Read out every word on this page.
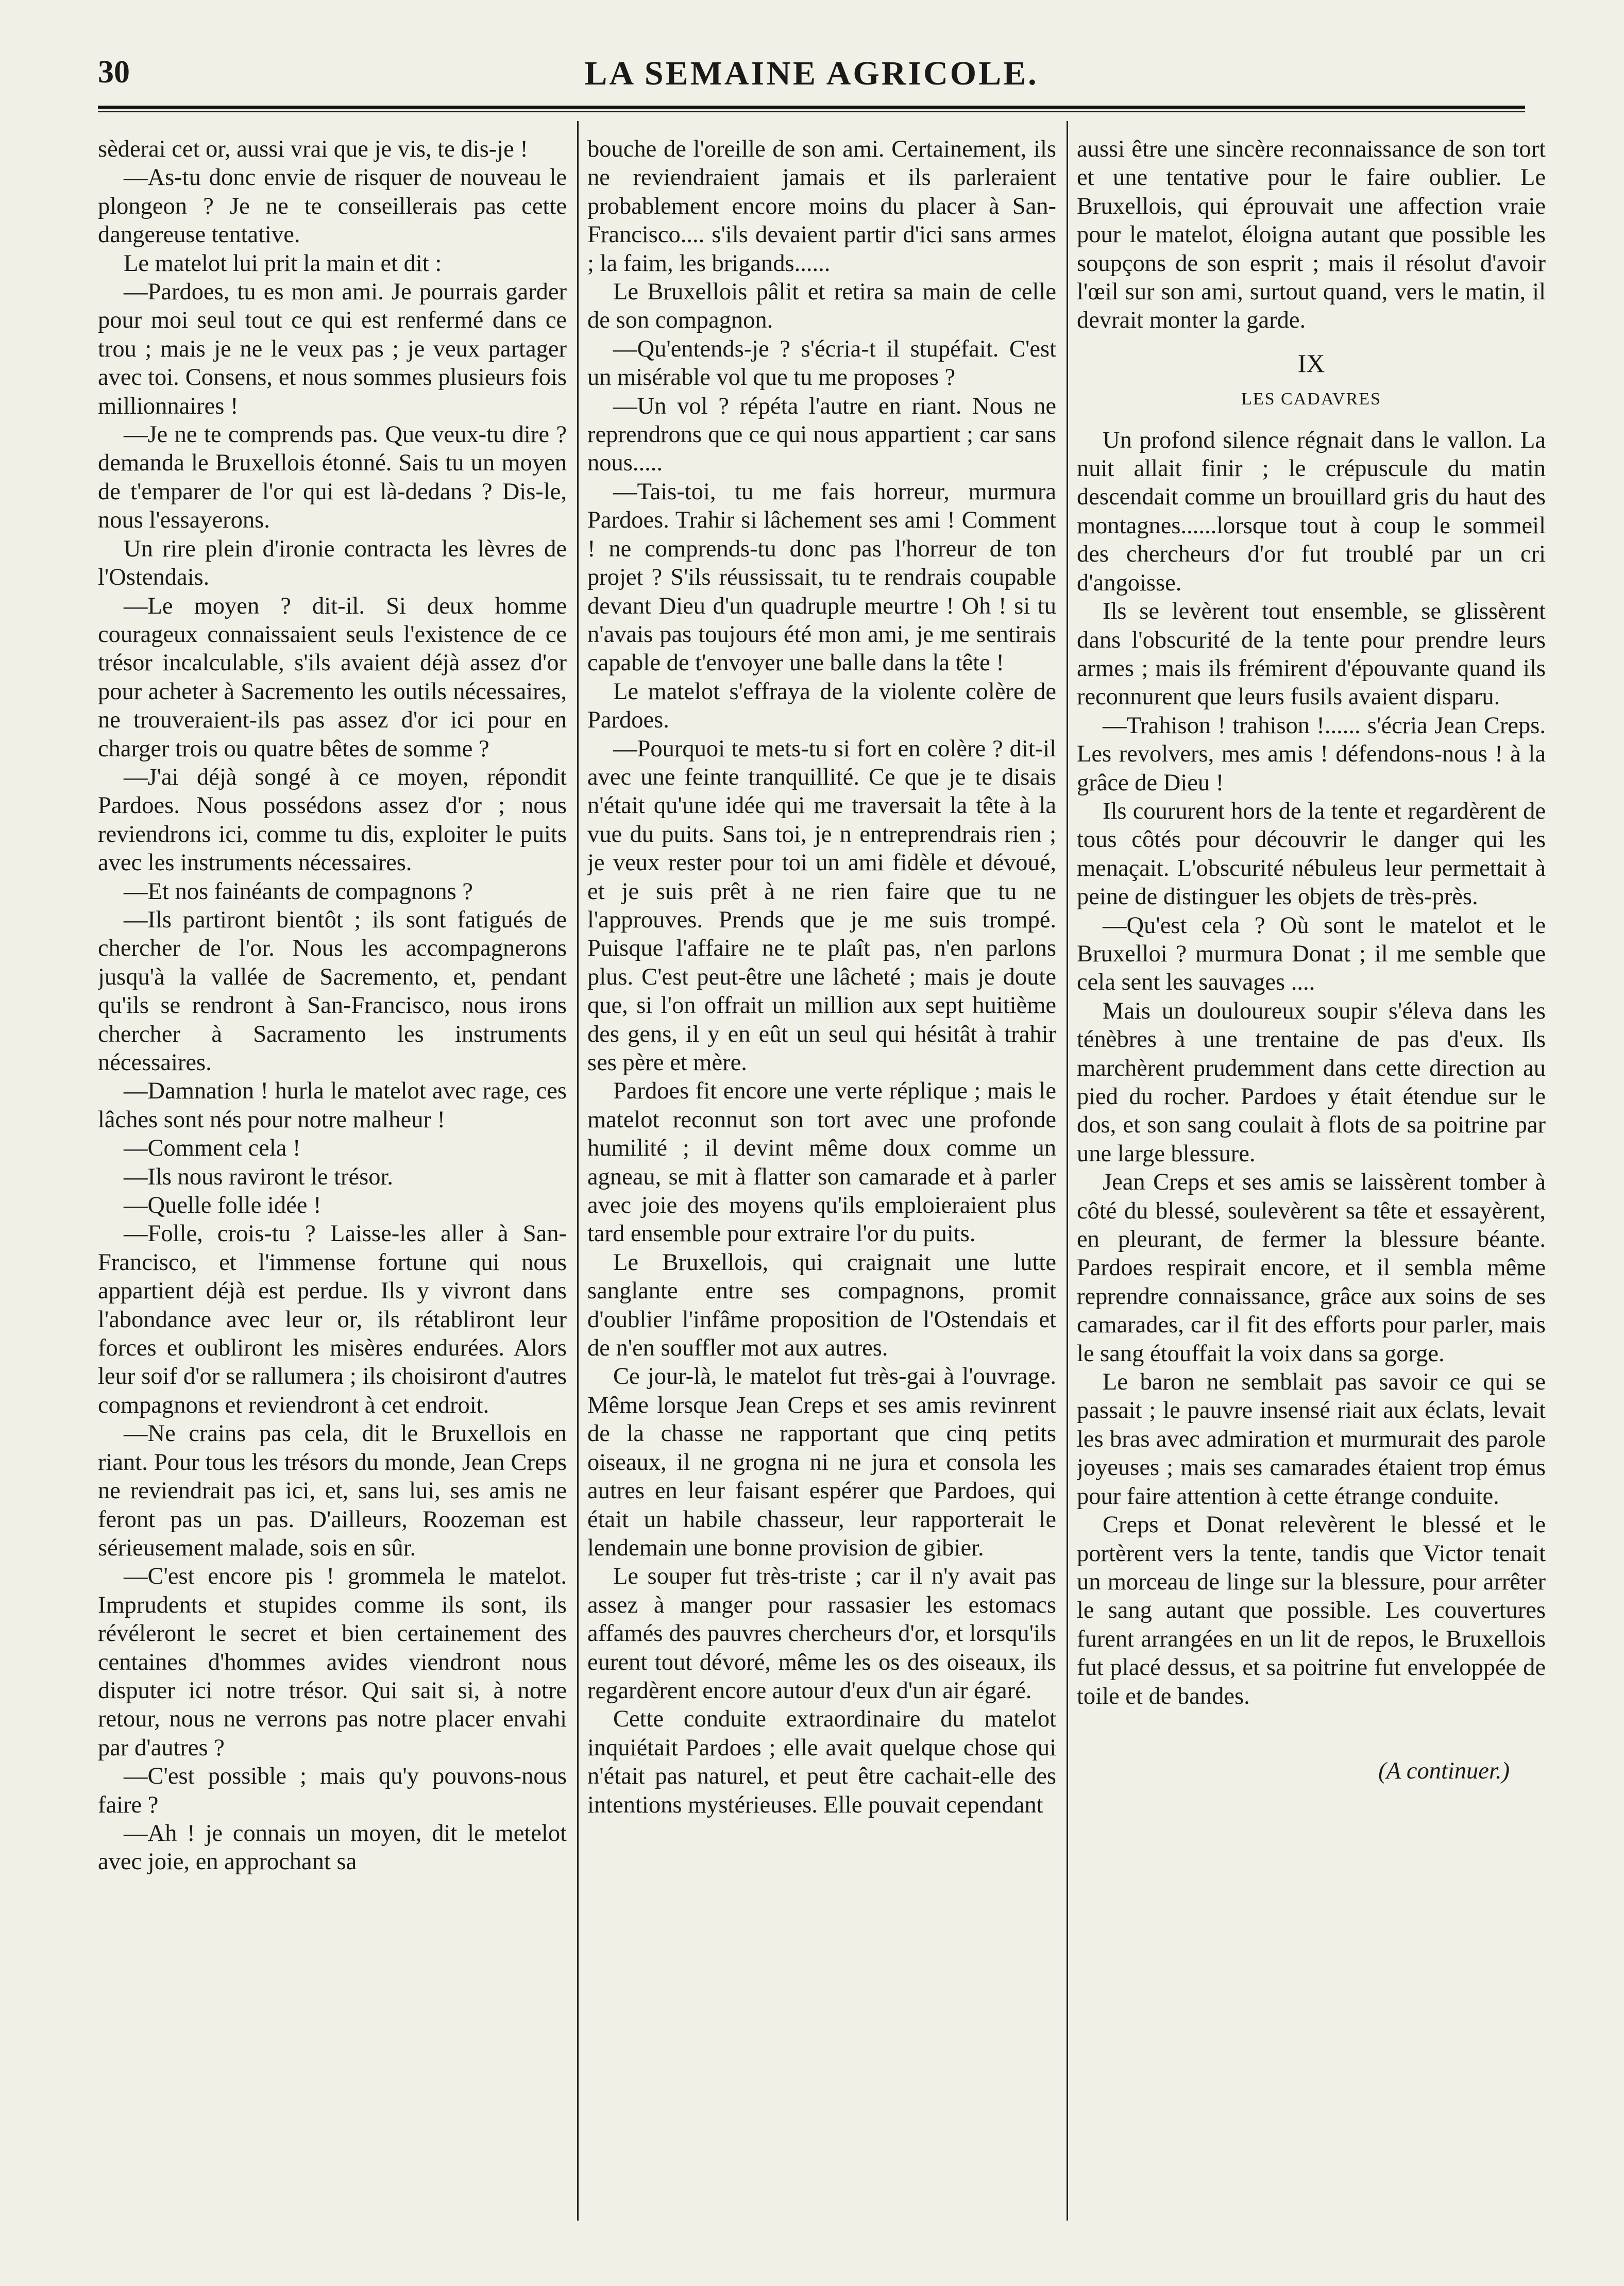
30	LA SEMAINE AGRICOLE.

sèderai cet or, aussi vrai que je vis, te dis-je !

—As-tu donc envie de risquer de nouveau le plongeon ? Je ne te conseillerais pas cette dangereuse tentative.

Le matelot lui prit la main et dit :

—Pardoes, tu es mon ami. Je pourrais garder pour moi seul tout ce qui est renfermé dans ce trou ; mais je ne le veux pas ; je veux partager avec toi. Consens, et nous sommes plusieurs fois millionnaires !

—Je ne te comprends pas. Que veux-tu dire ? demanda le Bruxellois étonné. Sais tu un moyen de t'emparer de l'or qui est là-dedans ? Dis-le, nous l'essayerons.

Un rire plein d'ironie contracta les lèvres de l'Ostendais.

—Le moyen ? dit-il. Si deux homme courageux connaissaient seuls l'existence de ce trésor incalculable, s'ils avaient déjà assez d'or pour acheter à Sacremento les outils nécessaires, ne trouveraient-ils pas assez d'or ici pour en charger trois ou quatre bêtes de somme ?

—J'ai déjà songé à ce moyen, répondit Pardoes. Nous possédons assez d'or ; nous reviendrons ici, comme tu dis, exploiter le puits avec les instruments nécessaires.

—Et nos fainéants de compagnons ?

—Ils partiront bientôt ; ils sont fatigués de chercher de l'or. Nous les accompagnerons jusqu'à la vallée de Sacremento, et, pendant qu'ils se rendront à San-Francisco, nous irons chercher à Sacramento les instruments nécessaires.

—Damnation ! hurla le matelot avec rage, ces lâches sont nés pour notre malheur !

—Comment cela !

—Ils nous raviront le trésor.

—Quelle folle idée !

—Folle, crois-tu ? Laisse-les aller à San-Francisco, et l'immense fortune qui nous appartient déjà est perdue. Ils y vivront dans l'abondance avec leur or, ils rétabliront leur forces et oubliront les misères endurées. Alors leur soif d'or se rallumera ; ils choisiront d'autres compagnons et reviendront à cet endroit.

—Ne crains pas cela, dit le Bruxellois en riant. Pour tous les trésors du monde, Jean Creps ne reviendrait pas ici, et, sans lui, ses amis ne feront pas un pas. D'ailleurs, Roozeman est sérieusement malade, sois en sûr.

—C'est encore pis ! grommela le matelot. Imprudents et stupides comme ils sont, ils révéleront le secret et bien certainement des centaines d'hommes avides viendront nous disputer ici notre trésor. Qui sait si, à notre retour, nous ne verrons pas notre placer envahi par d'autres ?

—C'est possible ; mais qu'y pouvons-nous faire ?

—Ah ! je connais un moyen, dit le metelot avec joie, en approchant sa

bouche de l'oreille de son ami. Certainement, ils ne reviendraient jamais et ils parleraient probablement encore moins du placer à San-Francisco.... s'ils devaient partir d'ici sans armes ; la faim, les brigands......

Le Bruxellois pâlit et retira sa main de celle de son compagnon.

—Qu'entends-je ? s'écria-t il stupéfait. C'est un misérable vol que tu me proposes ?

—Un vol ? répéta l'autre en riant. Nous ne reprendrons que ce qui nous appartient ; car sans nous.....

—Tais-toi, tu me fais horreur, murmura Pardoes. Trahir si lâchement ses ami ! Comment ! ne comprends-tu donc pas l'horreur de ton projet ? S'ils réussissait, tu te rendrais coupable devant Dieu d'un quadruple meurtre ! Oh ! si tu n'avais pas toujours été mon ami, je me sentirais capable de t'envoyer une balle dans la tête !

Le matelot s'effraya de la violente colère de Pardoes.

—Pourquoi te mets-tu si fort en colère ? dit-il avec une feinte tranquillité. Ce que je te disais n'était qu'une idée qui me traversait la tête à la vue du puits. Sans toi, je n entreprendrais rien ; je veux rester pour toi un ami fidèle et dévoué, et je suis prêt à ne rien faire que tu ne l'approuves. Prends que je me suis trompé. Puisque l'affaire ne te plaît pas, n'en parlons plus. C'est peut-être une lâcheté ; mais je doute que, si l'on offrait un million aux sept huitième des gens, il y en eût un seul qui hésitât à trahir ses père et mère.

Pardoes fit encore une verte réplique ; mais le matelot reconnut son tort avec une profonde humilité ; il devint même doux comme un agneau, se mit à flatter son camarade et à parler avec joie des moyens qu'ils emploieraient plus tard ensemble pour extraire l'or du puits.

Le Bruxellois, qui craignait une lutte sanglante entre ses compagnons, promit d'oublier l'infâme proposition de l'Ostendais et de n'en souffler mot aux autres.

Ce jour-là, le matelot fut très-gai à l'ouvrage. Même lorsque Jean Creps et ses amis revinrent de la chasse ne rapportant que cinq petits oiseaux, il ne grogna ni ne jura et consola les autres en leur faisant espérer que Pardoes, qui était un habile chasseur, leur rapporterait le lendemain une bonne provision de gibier.

Le souper fut très-triste ; car il n'y avait pas assez à manger pour rassasier les estomacs affamés des pauvres chercheurs d'or, et lorsqu'ils eurent tout dévoré, même les os des oiseaux, ils regardèrent encore autour d'eux d'un air égaré.

Cette conduite extraordinaire du matelot inquiétait Pardoes ; elle avait quelque chose qui n'était pas naturel, et peut être cachait-elle des intentions mystérieuses. Elle pouvait cependant

aussi être une sincère reconnaissance de son tort et une tentative pour le faire oublier. Le Bruxellois, qui éprouvait une affection vraie pour le matelot, éloigna autant que possible les soupçons de son esprit ; mais il résolut d'avoir l'œil sur son ami, surtout quand, vers le matin, il devrait monter la garde.

IX

LES CADAVRES

Un profond silence régnait dans le vallon. La nuit allait finir ; le crépuscule du matin descendait comme un brouillard gris du haut des montagnes......lorsque tout à coup le sommeil des chercheurs d'or fut troublé par un cri d'angoisse.

Ils se levèrent tout ensemble, se glissèrent dans l'obscurité de la tente pour prendre leurs armes ; mais ils frémirent d'épouvante quand ils reconnurent que leurs fusils avaient disparu.

—Trahison ! trahison !...... s'écria Jean Creps. Les revolvers, mes amis ! défendons-nous ! à la grâce de Dieu !

Ils coururent hors de la tente et regardèrent de tous côtés pour découvrir le danger qui les menaçait. L'obscurité nébuleus leur permettait à peine de distinguer les objets de très-près.

—Qu'est cela ? Où sont le matelot et le Bruxelloi ? murmura Donat ; il me semble que cela sent les sauvages ....

Mais un douloureux soupir s'éleva dans les ténèbres à une trentaine de pas d'eux. Ils marchèrent prudemment dans cette direction au pied du rocher. Pardoes y était étendue sur le dos, et son sang coulait à flots de sa poitrine par une large blessure.

Jean Creps et ses amis se laissèrent tomber à côté du blessé, soulevèrent sa tête et essayèrent, en pleurant, de fermer la blessure béante. Pardoes respirait encore, et il sembla même reprendre connaissance, grâce aux soins de ses camarades, car il fit des efforts pour parler, mais le sang étouffait la voix dans sa gorge.

Le baron ne semblait pas savoir ce qui se passait ; le pauvre insensé riait aux éclats, levait les bras avec admiration et murmurait des parole joyeuses ; mais ses camarades étaient trop émus pour faire attention à cette étrange conduite.

Creps et Donat relevèrent le blessé et le portèrent vers la tente, tandis que Victor tenait un morceau de linge sur la blessure, pour arrêter le sang autant que possible. Les couvertures furent arrangées en un lit de repos, le Bruxellois fut placé dessus, et sa poitrine fut enveloppée de toile et de bandes.

(A continuer.)
